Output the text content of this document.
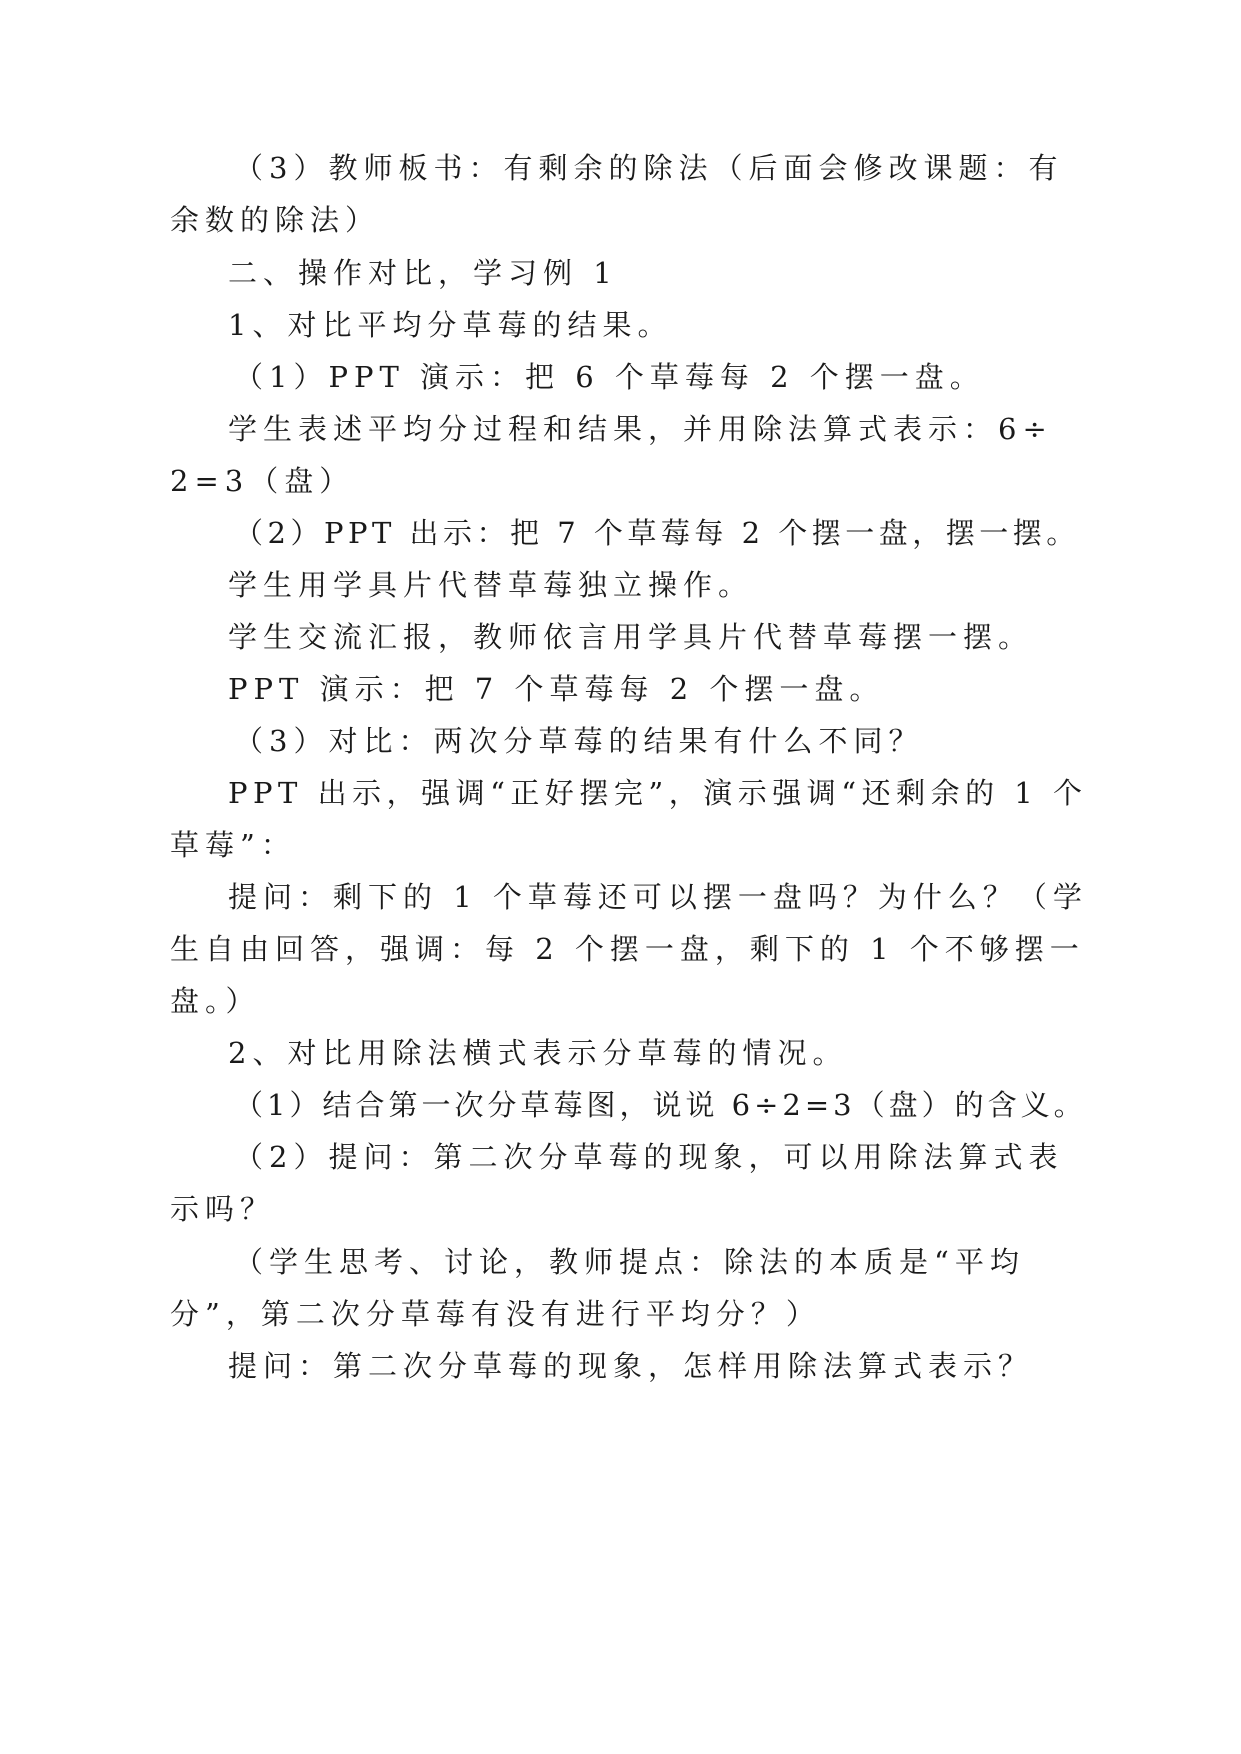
（3）教师板书：有剩余的除法（后面会修改课题：有
余数的除法）
二、操作对比，学习例 1
1、对比平均分草莓的结果。
（1）PPT 演示：把 6 个草莓每 2 个摆一盘。
学生表述平均分过程和结果，并用除法算式表示：6÷
2=3（盘）
（2）PPT 出示：把 7 个草莓每 2 个摆一盘，摆一摆。
学生用学具片代替草莓独立操作。
学生交流汇报，教师依言用学具片代替草莓摆一摆。
PPT 演示：把 7 个草莓每 2 个摆一盘。
（3）对比：两次分草莓的结果有什么不同？
PPT 出示，强调“正好摆完”，演示强调“还剩余的 1 个
草莓”：
提问：剩下的 1 个草莓还可以摆一盘吗？为什么？（学
生自由回答，强调：每 2 个摆一盘，剩下的 1 个不够摆一
盘。）
2、对比用除法横式表示分草莓的情况。
（1）结合第一次分草莓图，说说 6÷2=3（盘）的含义。
（2）提问：第二次分草莓的现象，可以用除法算式表
示吗？
（学生思考、讨论，教师提点：除法的本质是“平均
分”，第二次分草莓有没有进行平均分？）
提问：第二次分草莓的现象，怎样用除法算式表示？
